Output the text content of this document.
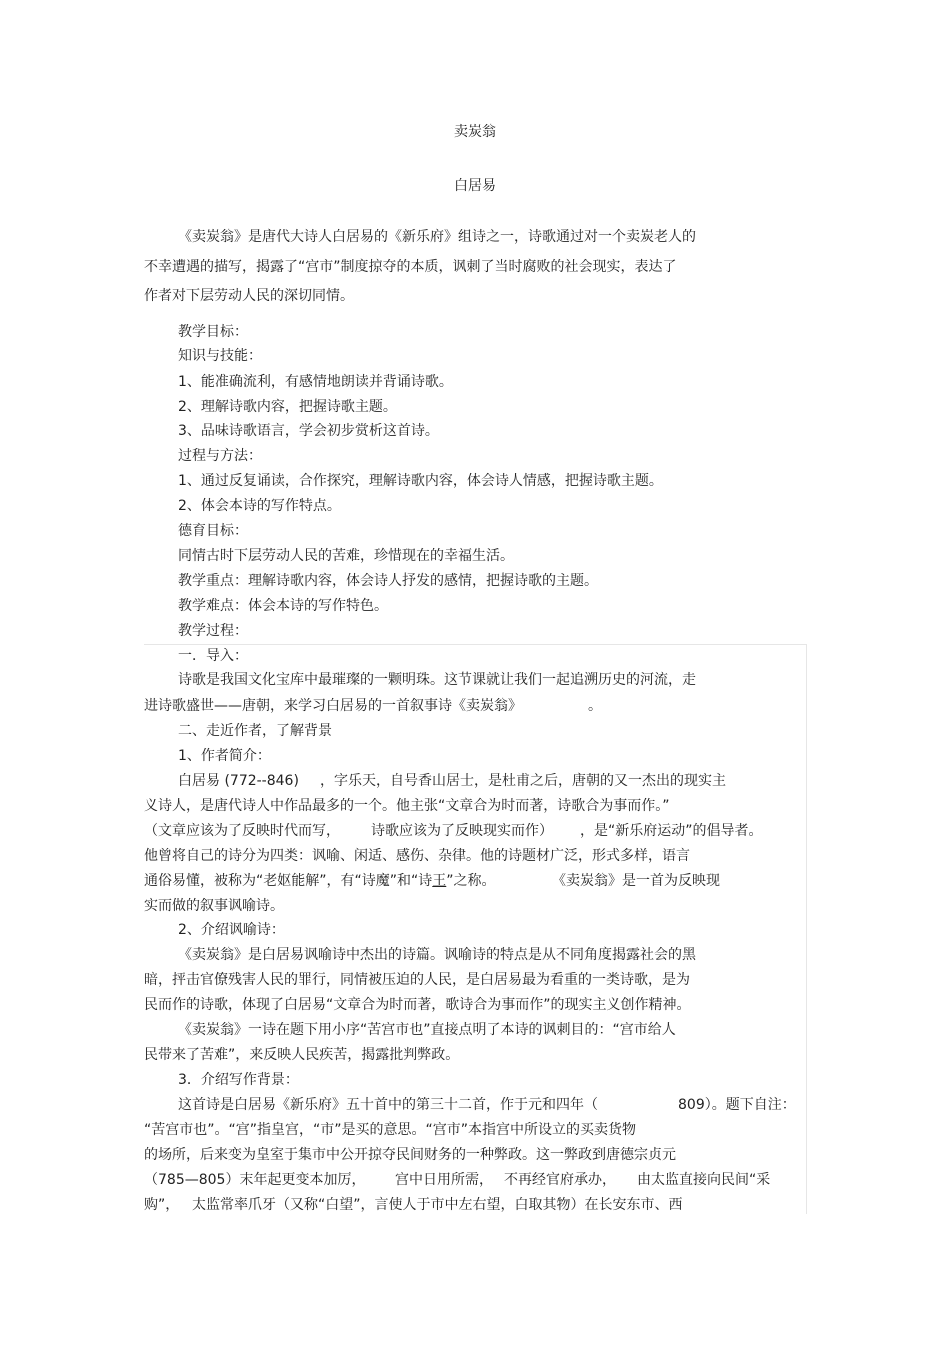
卖炭翁
白居易
《卖炭翁》是唐代大诗人白居易的《新乐府》组诗之一，诗歌通过对一个卖炭老人的
不幸遭遇的描写，揭露了“宫市”制度掠夺的本质，讽刺了当时腐败的社会现实，表达了
作者对下层劳动人民的深切同情。
教学目标：
知识与技能：
1、能准确流利，有感情地朗读并背诵诗歌。
2、理解诗歌内容，把握诗歌主题。
3、品味诗歌语言，学会初步赏析这首诗。
过程与方法：
1、通过反复诵读，合作探究，理解诗歌内容，体会诗人情感，把握诗歌主题。
2、体会本诗的写作特点。
德育目标：
同情古时下层劳动人民的苦难，珍惜现在的幸福生活。
教学重点：理解诗歌内容，体会诗人抒发的感情，把握诗歌的主题。
教学难点：体会本诗的写作特色。
教学过程：
一．导入：
诗歌是我国文化宝库中最璀璨的一颗明珠。这节课就让我们一起追溯历史的河流，走
进诗歌盛世——唐朝，来学习白居易的一首叙事诗《卖炭翁》	。
二、走近作者，了解背景
1、作者简介：
白居易 (772--846) ，字乐天，自号香山居士，是杜甫之后，唐朝的又一杰出的现实主
义诗人，是唐代诗人中作品最多的一个。他主张“文章合为时而著，诗歌合为事而作。”
（文章应该为了反映时代而写， 诗歌应该为了反映现实而作） ，是“新乐府运动”的倡导者。
他曾将自己的诗分为四类：讽喻、闲适、感伤、杂律。他的诗题材广泛，形式多样，语言
通俗易懂，被称为“老妪能解”，有“诗魔”和“诗王”之称。	《卖炭翁》是一首为反映现
实而做的叙事讽喻诗。
2、介绍讽喻诗：
《卖炭翁》是白居易讽喻诗中杰出的诗篇。讽喻诗的特点是从不同角度揭露社会的黑
暗，抨击官僚残害人民的罪行，同情被压迫的人民，是白居易最为看重的一类诗歌，是为
民而作的诗歌，体现了白居易“文章合为时而著，歌诗合为事而作”的现实主义创作精神。
《卖炭翁》一诗在题下用小序“苦宫市也”直接点明了本诗的讽刺目的：“宫市给人
民带来了苦难”，来反映人民疾苦，揭露批判弊政。
3．介绍写作背景：
这首诗是白居易《新乐府》五十首中的第三十二首，作于元和四年（	809）。题下自注：
“苦宫市也”。“宫”指皇宫，“市”是买的意思。“宫市”本指宫中所设立的买卖货物
的场所，后来变为皇室于集市中公开掠夺民间财务的一种弊政。这一弊政到唐德宗贞元
（785—805）末年起更变本加厉， 宫中日用所需， 不再经官府承办， 由太监直接向民间“采
购”， 太监常率爪牙（又称“白望”，言使人于市中左右望，白取其物）在长安东市、西
